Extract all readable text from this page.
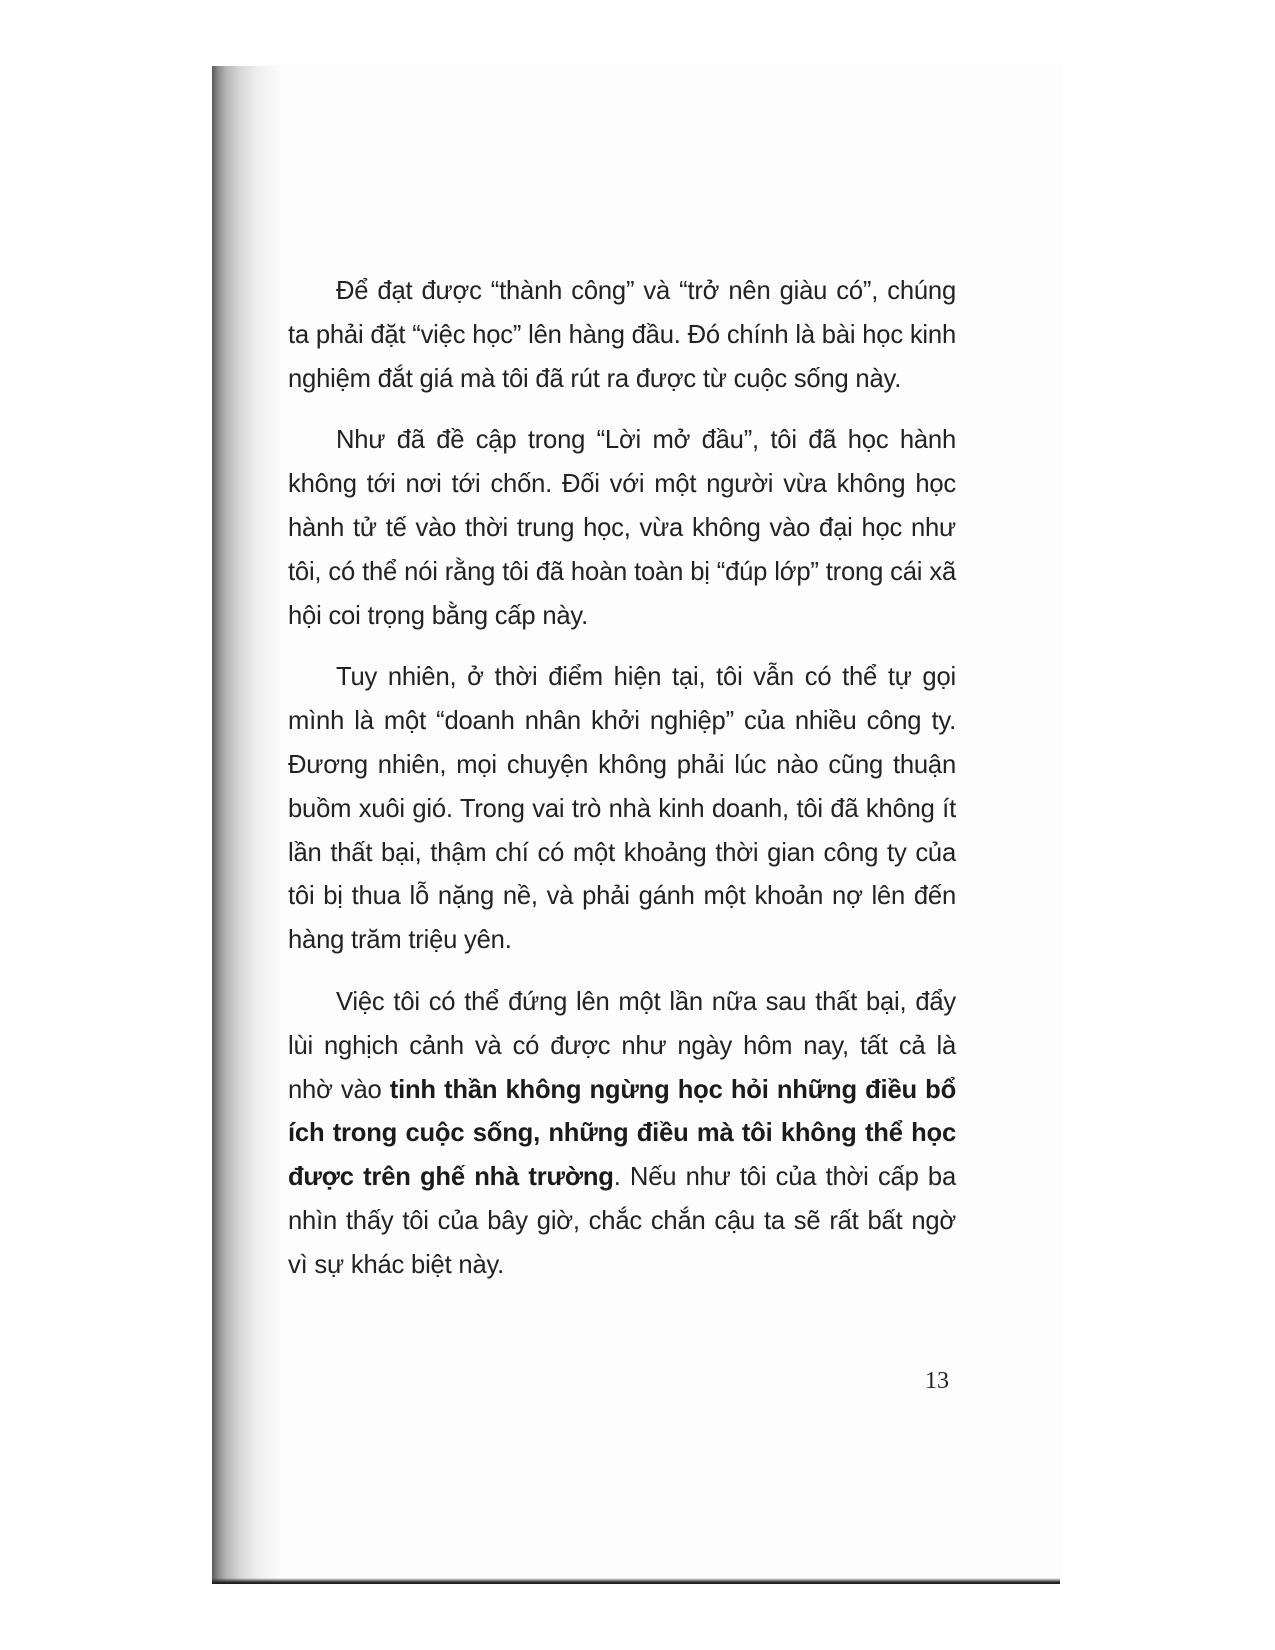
Để đạt được “thành công” và “trở nên giàu có”, chúng ta phải đặt “việc học” lên hàng đầu. Đó chính là bài học kinh nghiệm đắt giá mà tôi đã rút ra được từ cuộc sống này.

Như đã đề cập trong “Lời mở đầu”, tôi đã học hành không tới nơi tới chốn. Đối với một người vừa không học hành tử tế vào thời trung học, vừa không vào đại học như tôi, có thể nói rằng tôi đã hoàn toàn bị “đúp lớp” trong cái xã hội coi trọng bằng cấp này.

Tuy nhiên, ở thời điểm hiện tại, tôi vẫn có thể tự gọi mình là một “doanh nhân khởi nghiệp” của nhiều công ty. Đương nhiên, mọi chuyện không phải lúc nào cũng thuận buồm xuôi gió. Trong vai trò nhà kinh doanh, tôi đã không ít lần thất bại, thậm chí có một khoảng thời gian công ty của tôi bị thua lỗ nặng nề, và phải gánh một khoản nợ lên đến hàng trăm triệu yên.

Việc tôi có thể đứng lên một lần nữa sau thất bại, đẩy lùi nghịch cảnh và có được như ngày hôm nay, tất cả là nhờ vào tinh thần không ngừng học hỏi những điều bổ ích trong cuộc sống, những điều mà tôi không thể học được trên ghế nhà trường. Nếu như tôi của thời cấp ba nhìn thấy tôi của bây giờ, chắc chắn cậu ta sẽ rất bất ngờ vì sự khác biệt này.

13
